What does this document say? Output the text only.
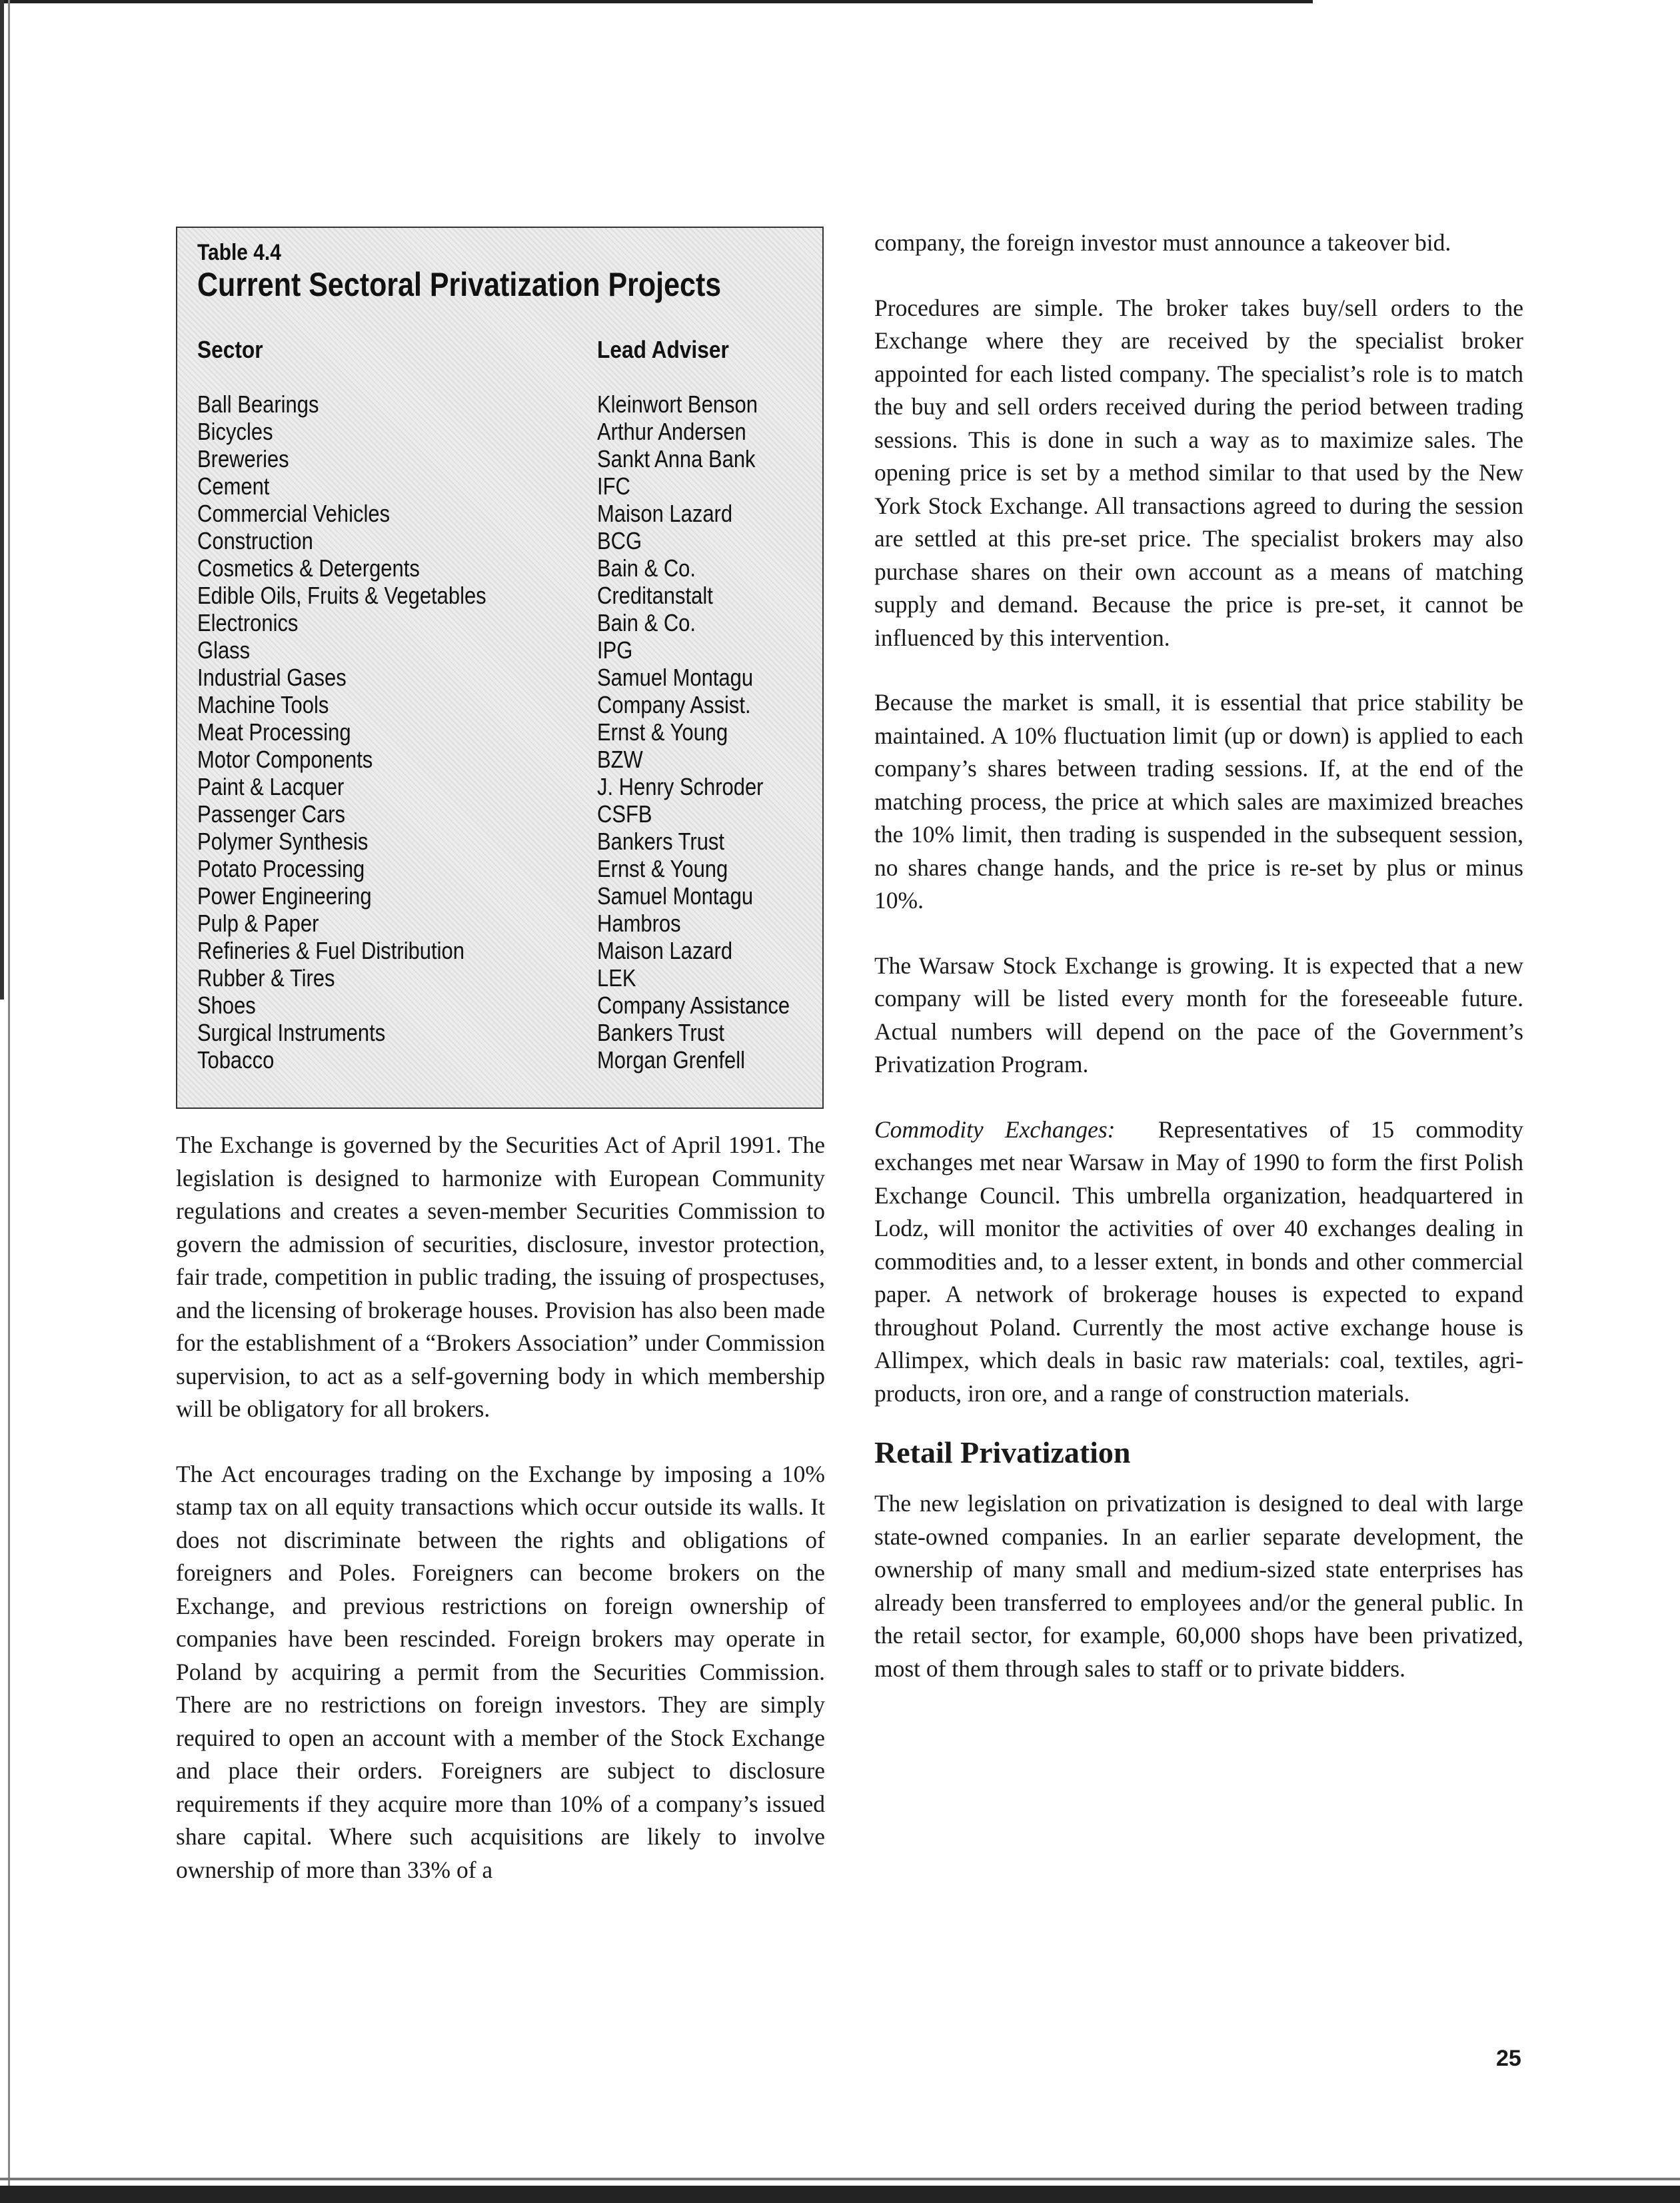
Table 4.4
Current Sectoral Privatization Projects
Sector	Lead Adviser
Ball Bearings	Kleinwort Benson
Bicycles	Arthur Andersen
Breweries	Sankt Anna Bank
Cement	IFC
Commercial Vehicles	Maison Lazard
Construction	BCG
Cosmetics & Detergents	Bain & Co.
Edible Oils, Fruits & Vegetables	Creditanstalt
Electronics	Bain & Co.
Glass	IPG
Industrial Gases	Samuel Montagu
Machine Tools	Company Assist.
Meat Processing	Ernst & Young
Motor Components	BZW
Paint & Lacquer	J. Henry Schroder
Passenger Cars	CSFB
Polymer Synthesis	Bankers Trust
Potato Processing	Ernst & Young
Power Engineering	Samuel Montagu
Pulp & Paper	Hambros
Refineries & Fuel Distribution	Maison Lazard
Rubber & Tires	LEK
Shoes	Company Assistance
Surgical Instruments	Bankers Trust
Tobacco	Morgan Grenfell

The Exchange is governed by the Securities Act of April 1991. The legislation is designed to harmonize with European Community regulations and creates a seven-member Securities Commission to govern the admission of securities, disclosure, investor protection, fair trade, competition in public trading, the issuing of prospectuses, and the licensing of brokerage houses. Provision has also been made for the establishment of a “Brokers Association” under Commission supervision, to act as a self-governing body in which membership will be obligatory for all brokers.

The Act encourages trading on the Exchange by imposing a 10% stamp tax on all equity transactions which occur outside its walls. It does not discriminate between the rights and obligations of foreigners and Poles. Foreigners can become brokers on the Exchange, and previous restrictions on foreign ownership of companies have been rescinded. Foreign brokers may operate in Poland by acquiring a permit from the Securities Commission. There are no restrictions on foreign investors. They are simply required to open an account with a member of the Stock Exchange and place their orders. Foreigners are subject to disclosure requirements if they acquire more than 10% of a company’s issued share capital. Where such acquisitions are likely to involve ownership of more than 33% of a

company, the foreign investor must announce a takeover bid.

Procedures are simple. The broker takes buy/sell orders to the Exchange where they are received by the specialist broker appointed for each listed company. The specialist’s role is to match the buy and sell orders received during the period between trading sessions. This is done in such a way as to maximize sales. The opening price is set by a method similar to that used by the New York Stock Exchange. All transactions agreed to during the session are settled at this pre-set price. The specialist brokers may also purchase shares on their own account as a means of matching supply and demand. Because the price is pre-set, it cannot be influenced by this intervention.

Because the market is small, it is essential that price stability be maintained. A 10% fluctuation limit (up or down) is applied to each company’s shares between trading sessions. If, at the end of the matching process, the price at which sales are maximized breaches the 10% limit, then trading is suspended in the subsequent session, no shares change hands, and the price is re-set by plus or minus 10%.

The Warsaw Stock Exchange is growing. It is expected that a new company will be listed every month for the foreseeable future. Actual numbers will depend on the pace of the Government’s Privatization Program.

Commodity Exchanges: Representatives of 15 commodity exchanges met near Warsaw in May of 1990 to form the first Polish Exchange Council. This umbrella organization, headquartered in Lodz, will monitor the activities of over 40 exchanges dealing in commodities and, to a lesser extent, in bonds and other commercial paper. A network of brokerage houses is expected to expand throughout Poland. Currently the most active exchange house is Allimpex, which deals in basic raw materials: coal, textiles, agri-products, iron ore, and a range of construction materials.

Retail Privatization

The new legislation on privatization is designed to deal with large state-owned companies. In an earlier separate development, the ownership of many small and medium-sized state enterprises has already been transferred to employees and/or the general public. In the retail sector, for example, 60,000 shops have been privatized, most of them through sales to staff or to private bidders.

25
